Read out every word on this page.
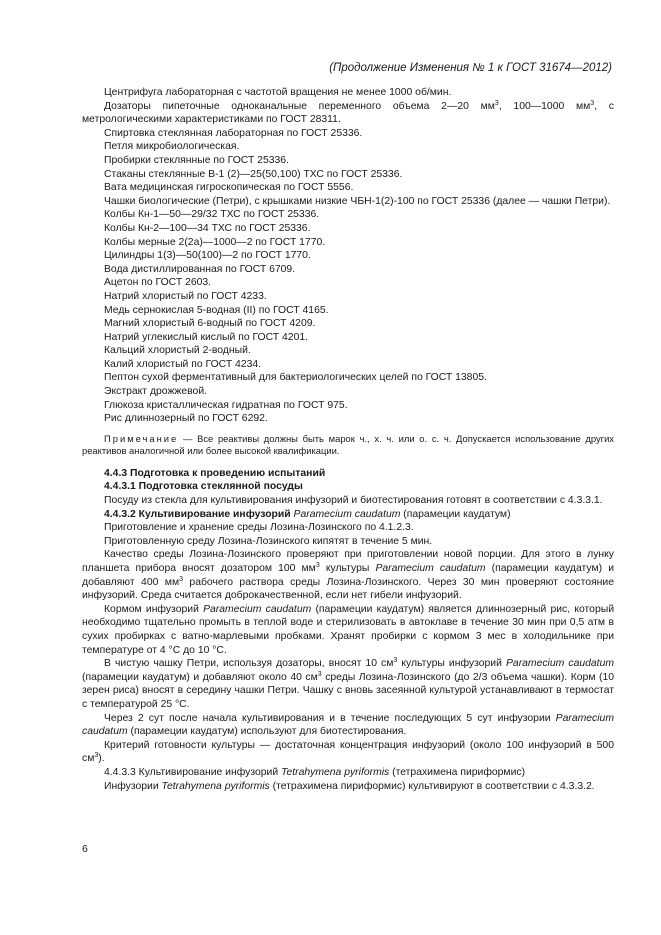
(Продолжение Изменения № 1 к ГОСТ 31674—2012)

Центрифуга лабораторная с частотой вращения не менее 1000 об/мин.

Дозаторы пипеточные одноканальные переменного объема 2—20 $мм^3$, 100—1000 $мм^3$, с метрологическими характеристиками по ГОСТ 28311.

Спиртовка стеклянная лабораторная по ГОСТ 25336.

Петля микробиологическая.

Пробирки стеклянные по ГОСТ 25336.

Стаканы стеклянные В-1 (2)—25(50,100) ТХС по ГОСТ 25336.

Вата медицинская гигроскопическая по ГОСТ 5556.

Чашки биологические (Петри), с крышками низкие ЧБН-1(2)-100 по ГОСТ 25336 (далее — чашки Петри).

Колбы Кн-1—50—29/32 ТХС по ГОСТ 25336.

Колбы Кн-2—100—34 ТХС по ГОСТ 25336.

Колбы мерные 2(2а)—1000—2 по ГОСТ 1770.

Цилиндры 1(3)—50(100)—2 по ГОСТ 1770.

Вода дистиллированная по ГОСТ 6709.

Ацетон по ГОСТ 2603.

Натрий хлористый по ГОСТ 4233.

Медь сернокислая 5-водная (II) по ГОСТ 4165.

Магний хлористый 6-водный по ГОСТ 4209.

Натрий углекислый кислый по ГОСТ 4201.

Кальций хлористый 2-водный.

Калий хлористый по ГОСТ 4234.

Пептон сухой ферментативный для бактериологических целей по ГОСТ 13805.

Экстракт дрожжевой.

Глюкоза кристаллическая гидратная по ГОСТ 975.

Рис длиннозерный по ГОСТ 6292.

Примечание — Все реактивы должны быть марок ч., х. ч. или о. с. ч. Допускается использование других реактивов аналогичной или более высокой квалификации.

4.4.3 Подготовка к проведению испытаний

4.4.3.1 Подготовка стеклянной посуды

Посуду из стекла для культивирования инфузорий и биотестирования готовят в соответствии с 4.3.3.1.

4.4.3.2 Культивирование инфузорий Paramecium caudatum (парамеции каудатум)

Приготовление и хранение среды Лозина-Лозинского по 4.1.2.3.

Приготовленную среду Лозина-Лозинского кипятят в течение 5 мин.

Качество среды Лозина-Лозинского проверяют при приготовлении новой порции. Для этого в лунку планшета прибора вносят дозатором 100 $мм^3$ культуры Paramecium caudatum (парамеции каудатум) и добавляют 400 $мм^3$ рабочего раствора среды Лозина-Лозинского. Через 30 мин проверяют состояние инфузорий. Среда считается доброкачественной, если нет гибели инфузорий.

Кормом инфузорий Paramecium caudatum (парамеции каудатум) является длиннозерный рис, который необходимо тщательно промыть в теплой воде и стерилизовать в автоклаве в течение 30 мин при 0,5 атм в сухих пробирках с ватно-марлевыми пробками. Хранят пробирки с кормом 3 мес в холодильнике при температуре от 4 °С до 10 °С.

В чистую чашку Петри, используя дозаторы, вносят 10 $см^3$ культуры инфузорий Paramecium caudatum (парамеции каудатум) и добавляют около 40 $см^3$ среды Лозина-Лозинского (до 2/3 объема чашки). Корм (10 зерен риса) вносят в середину чашки Петри. Чашку с вновь засеянной культурой устанавливают в термостат с температурой 25 °С.

Через 2 сут после начала культивирования и в течение последующих 5 сут инфузории Paramecium caudatum (парамеции каудатум) используют для биотестирования.

Критерий готовности культуры — достаточная концентрация инфузорий (около 100 инфузорий в 500 $см^3$).

4.4.3.3 Культивирование инфузорий Tetrahymena pyriformis (тетрахимена пириформис)

Инфузории Tetrahymena pyriformis (тетрахимена пириформис) культивируют в соответствии с 4.3.3.2.

6
